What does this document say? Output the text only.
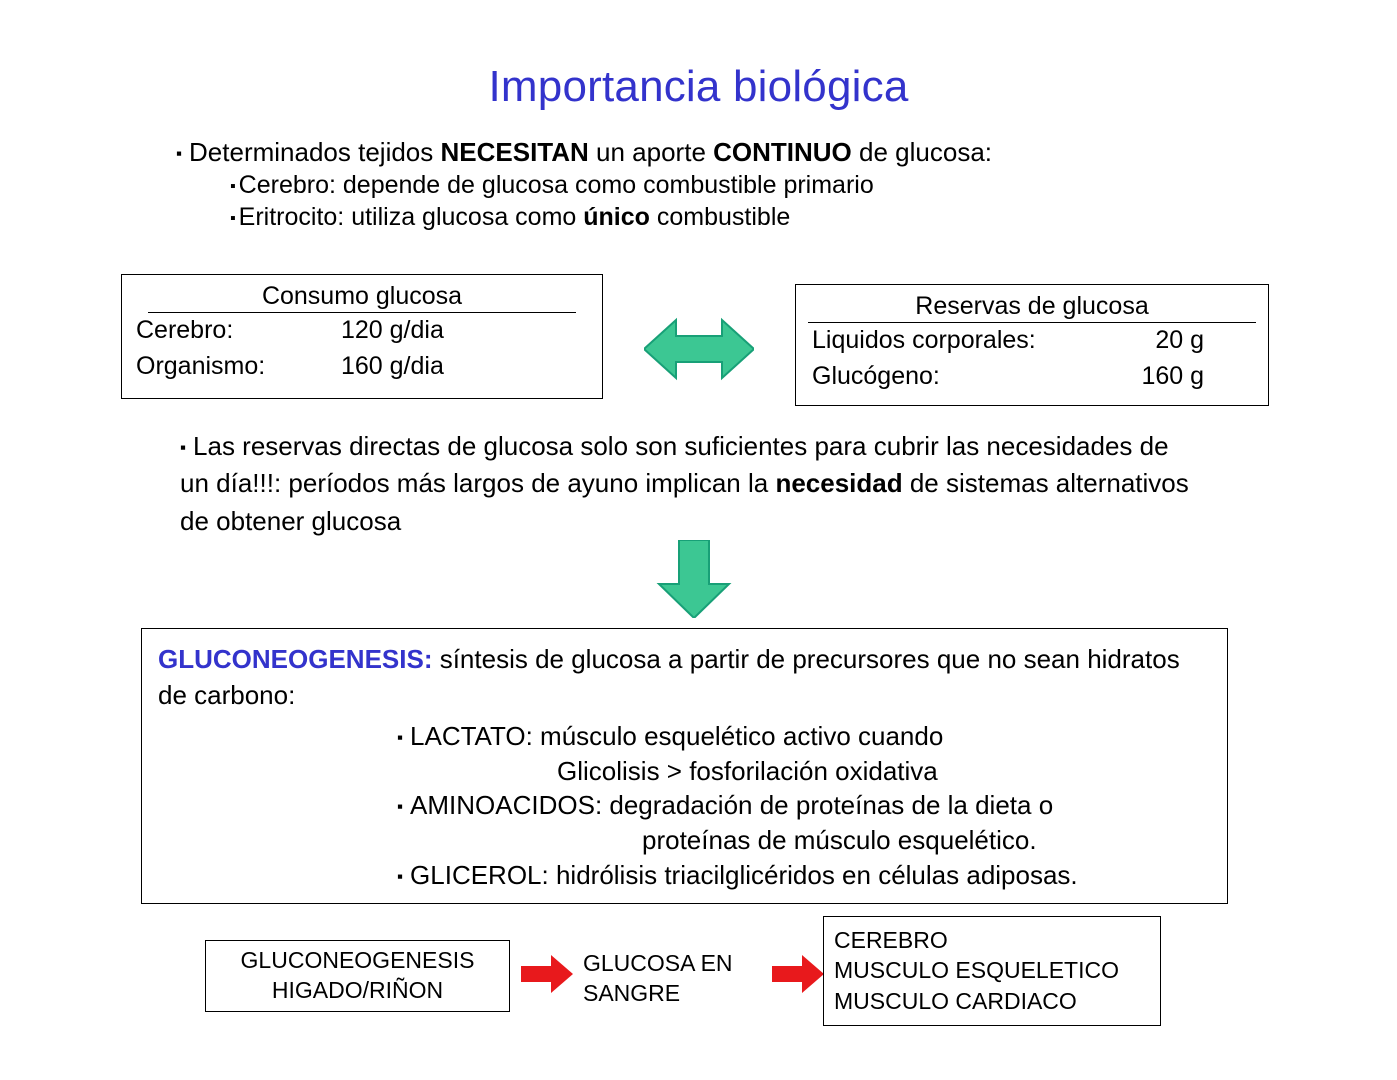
Importancia biológica
▪ Determinados tejidos NECESITAN un aporte CONTINUO de glucosa:
▪ Cerebro: depende de glucosa como combustible primario
▪ Eritrocito: utiliza glucosa como único combustible
Consumo glucosa
Cerebro:	120 g/dia
Organismo:	160 g/dia
Reservas de glucosa
Liquidos corporales:	20 g
Glucógeno:	160 g
▪ Las reservas directas de glucosa solo son suficientes para cubrir las necesidades de un día!!!: períodos más largos de ayuno implican la necesidad de sistemas alternativos de obtener glucosa
GLUCONEOGENESIS: síntesis de glucosa a partir de precursores que no sean hidratos de carbono:
▪ LACTATO: músculo esquelético activo cuando
Glicolisis > fosforilación oxidativa
▪ AMINOACIDOS: degradación de proteínas de la dieta o
proteínas de músculo esquelético.
▪ GLICEROL: hidrólisis triacilglicéridos en células adiposas.
GLUCONEOGENESIS
HIGADO/RIÑON
GLUCOSA EN
SANGRE
CEREBRO
MUSCULO ESQUELETICO
MUSCULO CARDIACO
